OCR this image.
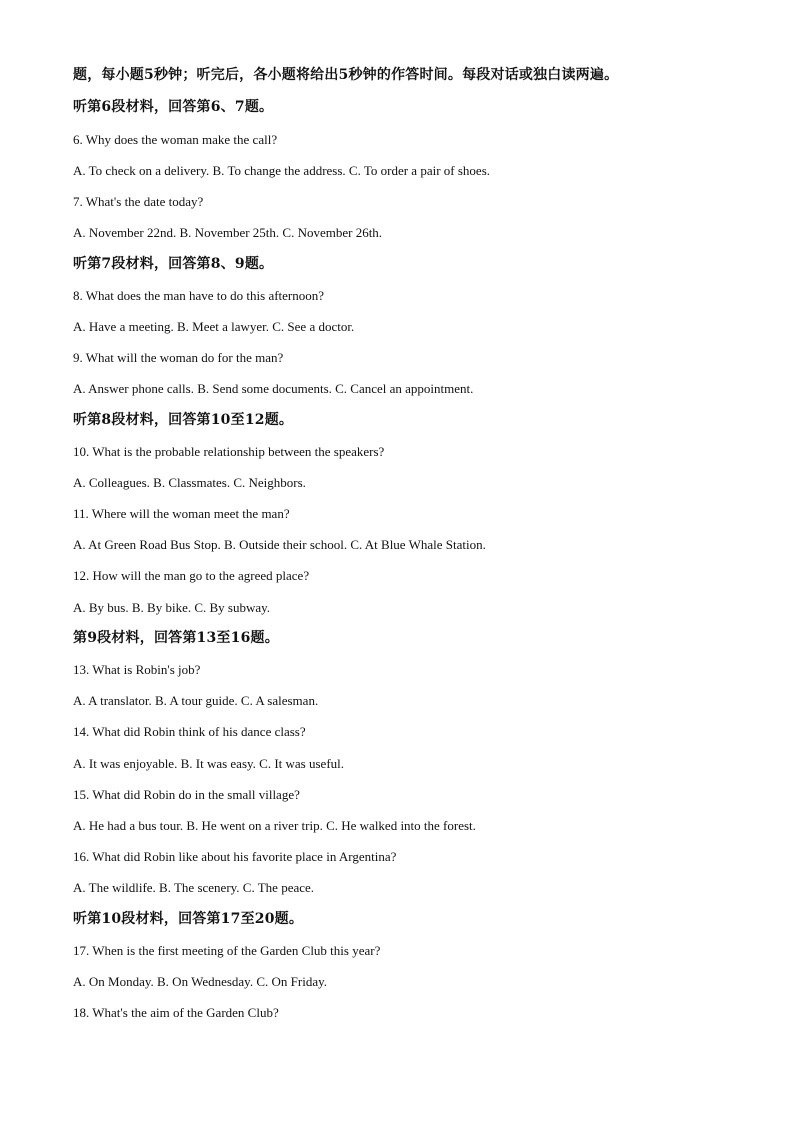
题，每小题5秒钟；听完后，各小题将给出5秒钟的作答时间。每段对话或独白读两遍。
听第6段材料，回答第6、7题。
6. Why does the woman make the call?
A. To check on a delivery. B. To change the address. C. To order a pair of shoes.
7. What's the date today?
A. November 22nd. B. November 25th. C. November 26th.
听第7段材料，回答第8、9题。
8. What does the man have to do this afternoon?
A. Have a meeting. B. Meet a lawyer. C. See a doctor.
9. What will the woman do for the man?
A. Answer phone calls. B. Send some documents. C. Cancel an appointment.
听第8段材料，回答第10至12题。
10. What is the probable relationship between the speakers?
A. Colleagues. B. Classmates. C. Neighbors.
11. Where will the woman meet the man?
A. At Green Road Bus Stop. B. Outside their school. C. At Blue Whale Station.
12. How will the man go to the agreed place?
A. By bus. B. By bike. C. By subway.
第9段材料，回答第13至16题。
13. What is Robin's job?
A. A translator. B. A tour guide. C. A salesman.
14. What did Robin think of his dance class?
A. It was enjoyable. B. It was easy. C. It was useful.
15. What did Robin do in the small village?
A. He had a bus tour. B. He went on a river trip. C. He walked into the forest.
16. What did Robin like about his favorite place in Argentina?
A. The wildlife. B. The scenery. C. The peace.
听第10段材料，回答第17至20题。
17. When is the first meeting of the Garden Club this year?
A. On Monday. B. On Wednesday. C. On Friday.
18. What's the aim of the Garden Club?
